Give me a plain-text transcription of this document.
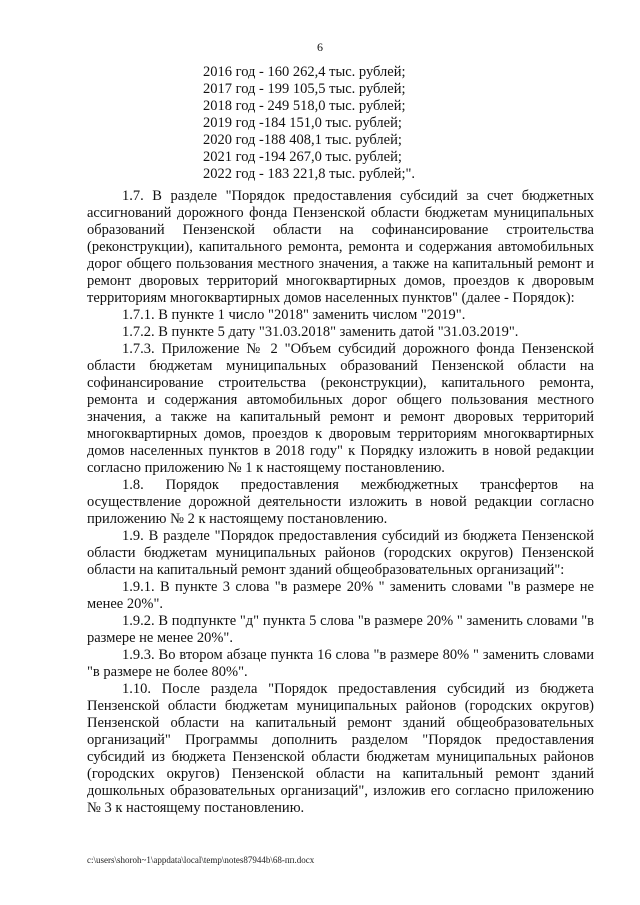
6
2016 год - 160 262,4 тыс. рублей;
2017 год - 199 105,5 тыс. рублей;
2018 год - 249 518,0 тыс. рублей;
2019 год -184 151,0 тыс. рублей;
2020 год -188 408,1 тыс. рублей;
2021 год -194 267,0 тыс. рублей;
2022 год - 183 221,8 тыс. рублей;".

1.7. В разделе "Порядок предоставления субсидий за счет бюджетных ассигнований дорожного фонда Пензенской области бюджетам муниципальных образований Пензенской области на софинансирование строительства (реконструкции), капитального ремонта, ремонта и содержания автомобильных дорог общего пользования местного значения, а также на капитальный ремонт и ремонт дворовых территорий многоквартирных домов, проездов к дворовым территориям многоквартирных домов населенных пунктов" (далее - Порядок):

1.7.1. В пункте 1 число "2018" заменить числом "2019".

1.7.2. В пункте 5 дату "31.03.2018" заменить датой "31.03.2019".

1.7.3. Приложение № 2 "Объем субсидий дорожного фонда Пензенской области бюджетам муниципальных образований Пензенской области на софинансирование строительства (реконструкции), капитального ремонта, ремонта и содержания автомобильных дорог общего пользования местного значения, а также на капитальный ремонт и ремонт дворовых территорий многоквартирных домов, проездов к дворовым территориям многоквартирных домов населенных пунктов в 2018 году" к Порядку изложить в новой редакции согласно приложению № 1 к настоящему постановлению.

1.8. Порядок предоставления межбюджетных трансфертов на осуществление дорожной деятельности изложить в новой редакции согласно приложению № 2 к настоящему постановлению.

1.9. В разделе "Порядок предоставления субсидий из бюджета Пензенской области бюджетам муниципальных районов (городских округов) Пензенской области на капитальный ремонт зданий общеобразовательных организаций":

1.9.1. В пункте 3 слова "в размере 20% " заменить словами "в размере не менее 20%".

1.9.2. В подпункте "д" пункта 5 слова "в размере 20% " заменить словами "в размере не менее 20%".

1.9.3. Во втором абзаце пункта 16 слова "в размере 80% " заменить словами "в размере не более 80%".

1.10. После раздела "Порядок предоставления субсидий из бюджета Пензенской области бюджетам муниципальных районов (городских округов) Пензенской области на капитальный ремонт зданий общеобразовательных организаций" Программы дополнить разделом "Порядок предоставления субсидий из бюджета Пензенской области бюджетам муниципальных районов (городских округов) Пензенской области на капитальный ремонт зданий дошкольных образовательных организаций", изложив его согласно приложению № 3 к настоящему постановлению.

c:\users\shoroh~1\appdata\local\temp\notes87944b\68-пп.docx
